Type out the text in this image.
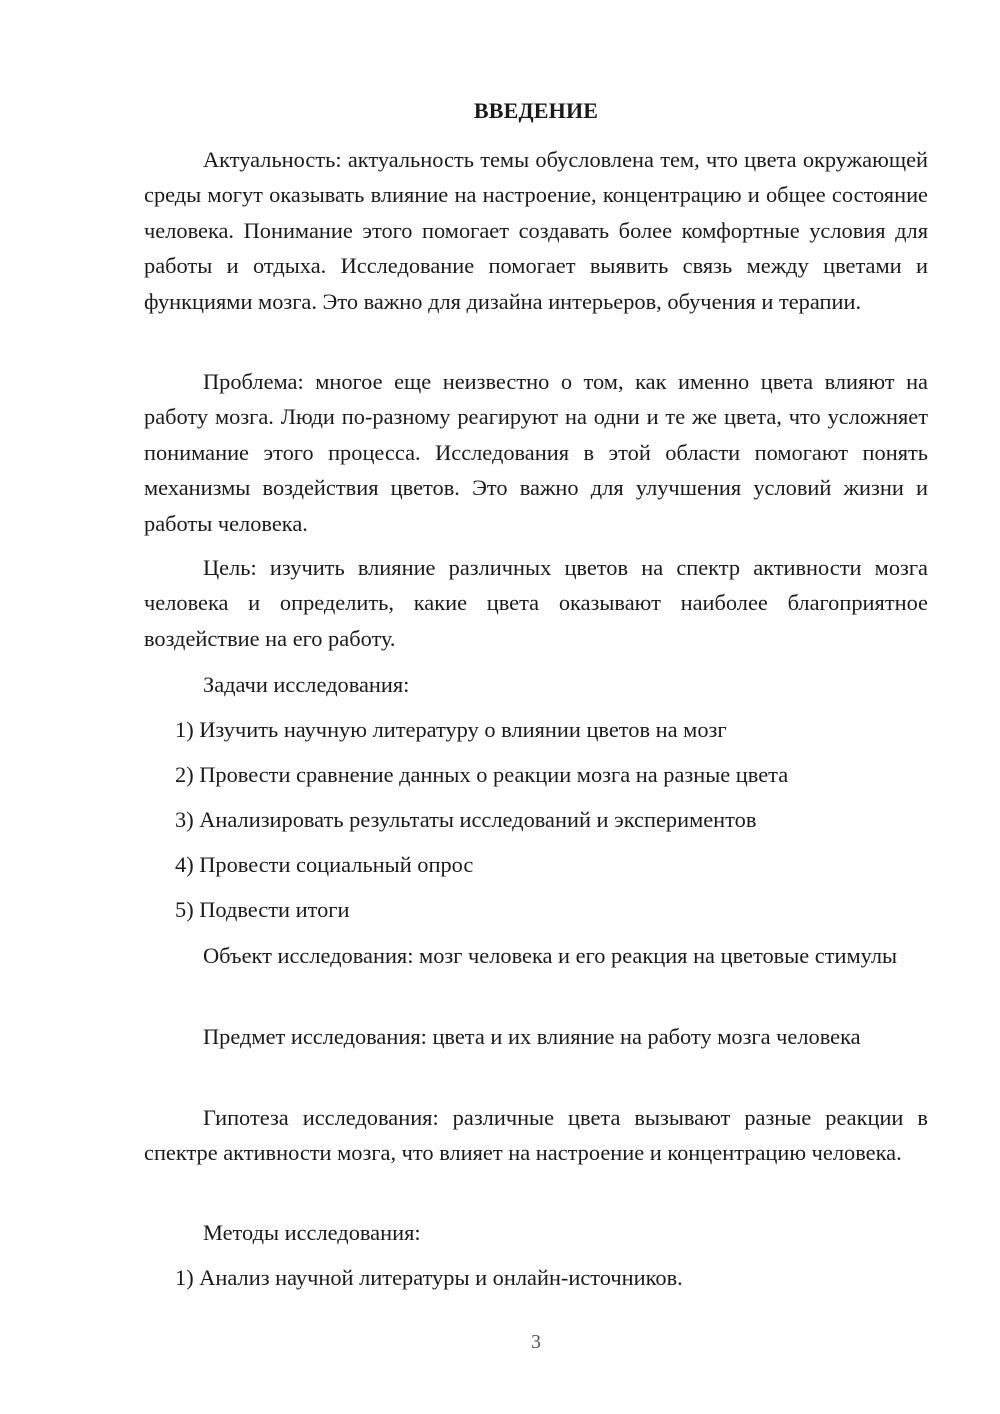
ВВЕДЕНИЕ

Актуальность: актуальность темы обусловлена тем, что цвета окружающей среды могут оказывать влияние на настроение, концентрацию и общее состояние человека. Понимание этого помогает создавать более комфортные условия для работы и отдыха. Исследование помогает выявить связь между цветами и функциями мозга. Это важно для дизайна интерьеров, обучения и терапии.

Проблема: многое еще неизвестно о том, как именно цвета влияют на работу мозга. Люди по-разному реагируют на одни и те же цвета, что усложняет понимание этого процесса. Исследования в этой области помогают понять механизмы воздействия цветов. Это важно для улучшения условий жизни и работы человека.

Цель: изучить влияние различных цветов на спектр активности мозга человека и определить, какие цвета оказывают наиболее благоприятное воздействие на его работу.

Задачи исследования:

1) Изучить научную литературу о влиянии цветов на мозг

2) Провести сравнение данных о реакции мозга на разные цвета

3) Анализировать результаты исследований и экспериментов

4) Провести социальный опрос

5) Подвести итоги

Объект исследования: мозг человека и его реакция на цветовые стимулы

Предмет исследования: цвета и их влияние на работу мозга человека

Гипотеза исследования: различные цвета вызывают разные реакции в спектре активности мозга, что влияет на настроение и концентрацию человека.

Методы исследования:

1) Анализ научной литературы и онлайн-источников.

3
